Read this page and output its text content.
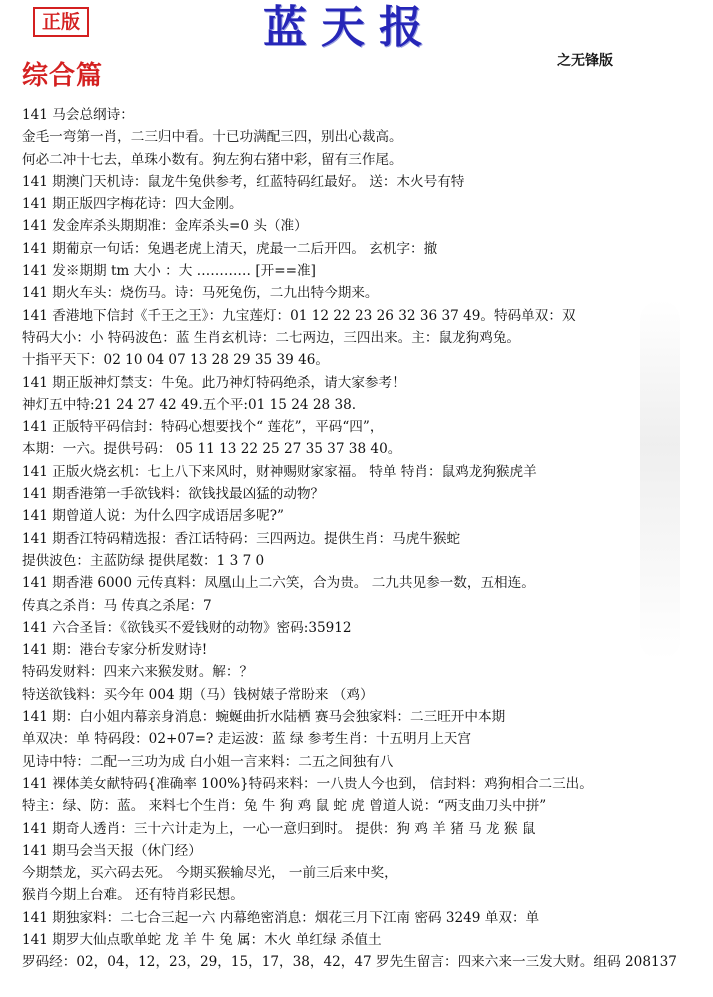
正版	蓝天报
之无锋版
综合篇
141 马会总纲诗：
金毛一弯第一肖，二三归中看。十已功满配三四，别出心裁高。
何必二冲十七去，单珠小数有。狗左狗右猪中彩，留有三作尾。
141 期澳门天机诗：鼠龙牛兔供参考，红蓝特码红最好。 送：木火号有特
141 期正版四字梅花诗：四大金刚。
141 发金库杀头期期准：金库杀头=0 头（准）
141 期葡京一句话：兔遇老虎上清天，虎最一二后开四。 玄机字：撤
141 发※期期 tm 大小 ：大 ………… [开==准]
141 期火车头：烧伤马。诗：马死兔伤，二九出特今期来。
141 香港地下信封《千王之王》：九宝莲灯：01 12 22 23 26 32 36 37 49。特码单双：双
特码大小：小 特码波色：蓝 生肖玄机诗：二七两边，三四出来。主：鼠龙狗鸡兔。
十指平天下：02 10 04 07 13 28 29 35 39 46。
141 期正版神灯禁支：牛兔。此乃神灯特码绝杀，请大家参考！
神灯五中特:21 24 27 42 49.五个平:01 15 24 28 38.
141 正版特平码信封：特码心想要找个“ 莲花”，平码“四”，
本期：一六。提供号码： 05 11 13 22 25 27 35 37 38 40。
141 正版火烧玄机：七上八下来风时，财神赐财家家福。 特单 特肖：鼠鸡龙狗猴虎羊
141 期香港第一手欲钱料：欲钱找最凶猛的动物？
141 期曾道人说：为什么四字成语居多呢?”
141 期香江特码精选报：香江话特码：三四两边。提供生肖：马虎牛猴蛇
提供波色：主蓝防绿 提供尾数：1 3 7 0
141 期香港 6000 元传真料：凤凰山上二六笑，合为贵。 二九共见参一数，五相连。
传真之杀肖：马 传真之杀尾：7
141 六合圣旨：《欲钱买不爱钱财的动物》密码:35912
141 期：港台专家分析发财诗!
特码发财料：四来六来猴发财。解：？
特送欲钱料：买今年 004 期（马）钱树婊子常盼来 （鸡）
141 期：白小姐内幕亲身消息：蜿蜒曲折水陆栖 赛马会独家料：二三旺开中本期
单双决：单 特码段：02+07=? 走运波：蓝 绿 参考生肖：十五明月上天宫
见诗中特：二配一三功为成 白小姐一言来料：二五之间独有八
141 裸体美女献特码{准确率 100%}特码来料：一八贵人今也到， 信封料：鸡狗相合二三出。
特主：绿、防：蓝。 来料七个生肖：兔 牛 狗 鸡 鼠 蛇 虎 曾道人说：“两支曲刀头中拼”
141 期奇人透肖：三十六计走为上，一心一意归到时。 提供：狗 鸡 羊 猪 马 龙 猴 鼠
141 期马会当天报（休门经）
今期禁龙，买六码去死。 今期买猴输尽光， 一前三后来中奖，
猴肖今期上台难。 还有特肖彩民想。
141 期独家料：二七合三起一六 内幕绝密消息：烟花三月下江南 密码 3249 单双：单
141 期罗大仙点歌单蛇 龙 羊 牛 兔 属：木火 单红绿 杀值土
罗码经：02，04，12，23，29，15，17，38，42，47 罗先生留言：四来六来一三发大财。组码 208137
